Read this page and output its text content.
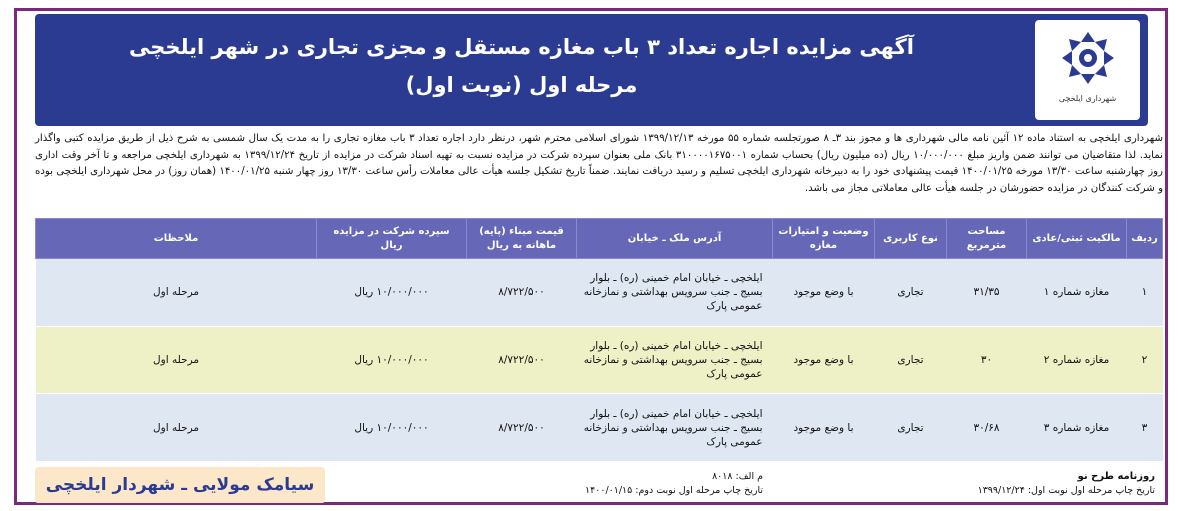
آگهی مزایده اجاره تعداد ۳ باب مغازه مستقل و مجزی تجاری در شهر ایلخچی
مرحله اول (نوبت اول)
شهرداری ایلخچی
شهرداری ایلخچی به استناد ماده ۱۲ آئین نامه مالی شهرداری ها و مجوز بند ۳ـ ۸ صورتجلسه شماره ۵۵ مورخه ۱۳۹۹/۱۲/۱۳ شورای اسلامی محترم شهر، درنظر دارد اجاره تعداد ۳ باب مغازه تجاری را به مدت یک سال شمسی به شرح ذیل از طریق مزایده کتبی واگذار نماید. لذا متقاضیان می توانند ضمن واریز مبلغ ۱۰/۰۰۰/۰۰۰ ریال (ده میلیون ریال) بحساب شماره ۳۱۰۰۰۰۱۶۷۵۰۰۱ بانک ملی بعنوان سپرده شرکت در مزایده نسبت به تهیه اسناد شرکت در مزایده از تاریخ ۱۳۹۹/۱۲/۲۴ به شهرداری ایلخچی مراجعه و تا آخر وقت اداری روز چهارشنبه ساعت ۱۳/۳۰ مورخه ۱۴۰۰/۰۱/۲۵ قیمت پیشنهادی خود را به دبیرخانه شهرداری ایلخچی تسلیم و رسید دریافت نمایند. ضمناً تاریخ تشکیل جلسه هیأت عالی معاملات رأس ساعت ۱۳/۳۰ روز چهار شنبه ۱۴۰۰/۰۱/۲۵ (همان روز) در محل شهرداری ایلخچی بوده و شرکت کنندگان در مزایده حضورشان در جلسه هیأت عالی معاملاتی مجاز می باشد.
ردیف	مالکیت ثبتی/عادی	مساحت مترمربع	نوع کاربری	وضعیت و امتیازات مغازه	آدرس ملک ـ خیابان	قیمت مبناء (پایه) ماهانه به ریال	سپرده شرکت در مزایده ریال	ملاحظات
۱	مغازه شماره ۱	۳۱/۳۵	تجاری	با وضع موجود	ایلخچی ـ خیابان امام خمینی (ره) ـ بلوار بسیج ـ جنب سرویس بهداشتی و نمازخانه عمومی پارک	۸/۷۲۲/۵۰۰	۱۰/۰۰۰/۰۰۰ ریال	مرحله اول
۲	مغازه شماره ۲	۳۰	تجاری	با وضع موجود	ایلخچی ـ خیابان امام خمینی (ره) ـ بلوار بسیج ـ جنب سرویس بهداشتی و نمازخانه عمومی پارک	۸/۷۲۲/۵۰۰	۱۰/۰۰۰/۰۰۰ ریال	مرحله اول
۳	مغازه شماره ۳	۳۰/۶۸	تجاری	با وضع موجود	ایلخچی ـ خیابان امام خمینی (ره) ـ بلوار بسیج ـ جنب سرویس بهداشتی و نمازخانه عمومی پارک	۸/۷۲۲/۵۰۰	۱۰/۰۰۰/۰۰۰ ریال	مرحله اول
روزنامه طرح نو
تاریخ چاپ مرحله اول نوبت اول: ۱۳۹۹/۱۲/۲۴
م الف: ۸۰۱۸
تاریخ چاپ مرحله اول نوبت دوم: ۱۴۰۰/۰۱/۱۵
سیامک مولایی ـ شهردار ایلخچی
